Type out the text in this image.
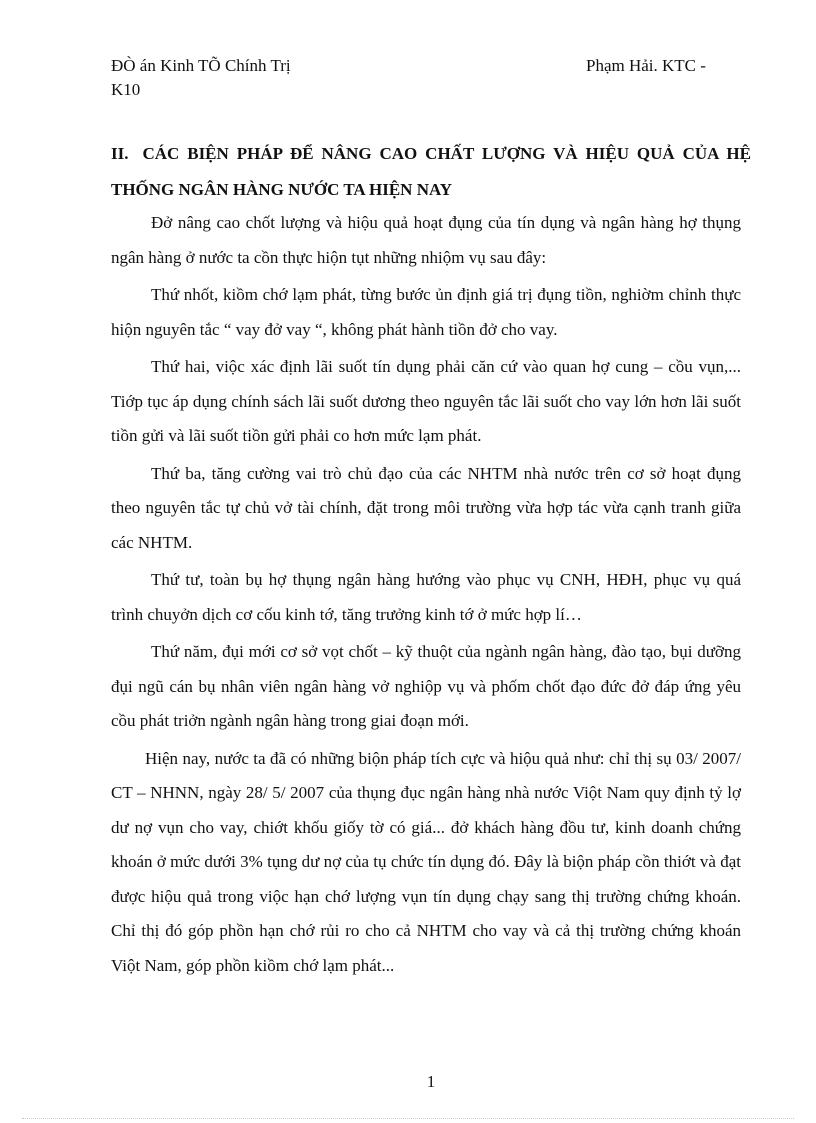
ĐÒ án Kinh TÕ Chính Trị
K10
Phạm Hải. KTC -
II. CÁC BIỆN PHÁP ĐỂ NÂNG CAO CHẤT LƯỢNG VÀ HIỆU QUẢ CỦA HỆ THỐNG NGÂN HÀNG NƯỚC TA HIỆN NAY

Đở nâng cao chốt lượng và hiộu quả hoạt đụng của tín dụng và ngân hàng hợ thụng ngân hàng ở nước ta cồn thực hiộn tụt những nhiộm vụ sau đây:

Thứ nhốt, kiồm chớ lạm phát, từng bước ủn định giá trị đụng tiồn, nghiờm chỉnh thực hiộn nguyên tắc “ vay đở vay “, không phát hành tiồn đở cho vay.

Thứ hai, viộc xác định lãi suốt tín dụng phải căn cứ vào quan hợ cung – cồu vụn,... Tiớp tục áp dụng chính sách lãi suốt dương theo nguyên tắc lãi suốt cho vay lớn hơn lãi suốt tiồn gửi và lãi suốt tiồn gửi phải co hơn mức lạm phát.

Thứ ba, tăng cường vai trò chủ đạo của các NHTM nhà nước trên cơ sở hoạt đụng theo nguyên tắc tự chủ vở tài chính, đặt trong môi trường vừa hợp tác vừa cạnh tranh giữa các NHTM.

Thứ tư, toàn bụ hợ thụng ngân hàng hướng vào phục vụ CNH, HĐH, phục vụ quá trình chuyởn dịch cơ cốu kinh tớ, tăng trưởng kinh tớ ở mức hợp lí…

Thứ năm, đụi mới cơ sở vọt chốt – kỹ thuột của ngành ngân hàng, đào tạo, bụi dưỡng đụi ngũ cán bụ nhân viên ngân hàng vở nghiộp vụ và phốm chốt đạo đức đở đáp ứng yêu cồu phát triởn ngành ngân hàng trong giai đoạn mới.

Hiện nay, nước ta đã có những biộn pháp tích cực và hiộu quả như: chỉ thị sụ 03/ 2007/ CT – NHNN, ngày 28/ 5/ 2007 của thụng đục ngân hàng nhà nước Viột Nam quy định tỷ lợ dư nợ vụn cho vay, chiớt khốu giốy tờ có giá... đở khách hàng đồu tư, kinh doanh chứng khoán ở mức dưới 3% tụng dư nợ của tụ chức tín dụng đó. Đây là biộn pháp cồn thiớt và đạt được hiộu quả trong viộc hạn chớ lượng vụn tín dụng chạy sang thị trường chứng khoán. Chỉ thị đó góp phồn hạn chớ rủi ro cho cả NHTM cho vay và cả thị trường chứng khoán Viột Nam, góp phồn kiồm chớ lạm phát...

1
